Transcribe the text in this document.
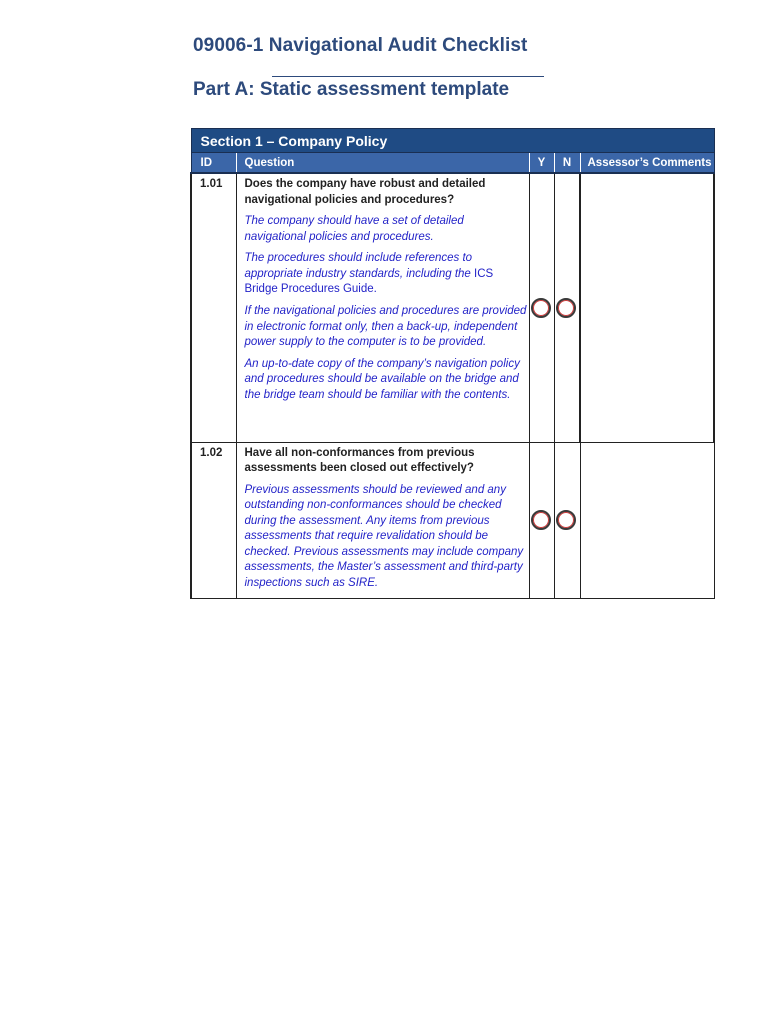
09006-1 Navigational Audit Checklist
Part A: Static assessment template
Section 1 – Company Policy				
ID	Question	Y	N	Assessor’s Comments
1.01	Does the company have robust and detailed navigational policies and procedures?

The company should have a set of detailed navigational policies and procedures.

The procedures should include references to appropriate industry standards, including the ICS Bridge Procedures Guide.

If the navigational policies and procedures are provided in electronic format only, then a back-up, independent power supply to the computer is to be provided.

An up-to-date copy of the company’s navigation policy and procedures should be available on the bridge and the bridge team should be familiar with the contents.			

1.02	Have all non-conformances from previous assessments been closed out effectively?

Previous assessments should be reviewed and any outstanding non-conformances should be checked during the assessment. Any items from previous assessments that require revalidation should be checked. Previous assessments may include company assessments, the Master’s assessment and third-party inspections such as SIRE.			
